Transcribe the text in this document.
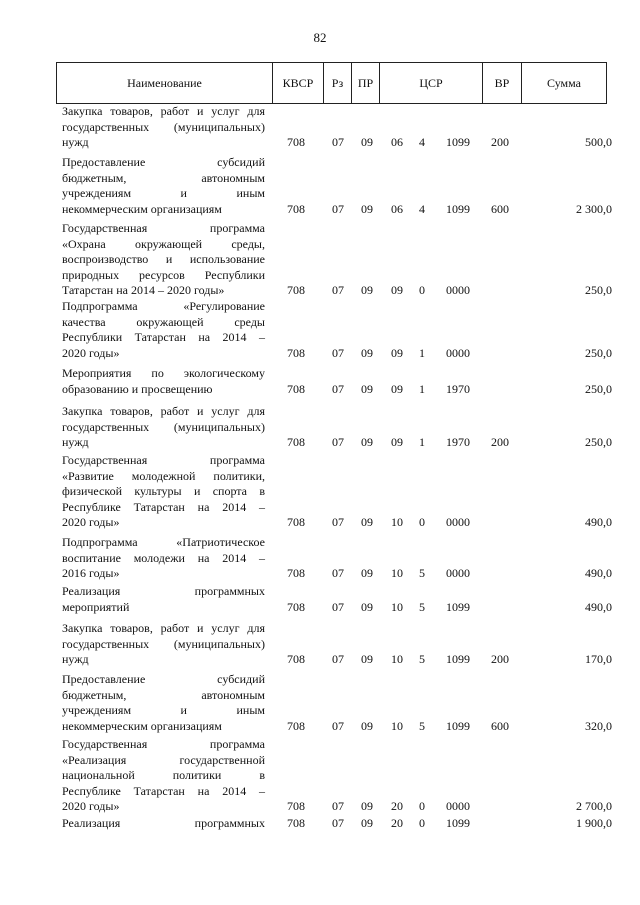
82
Наименование	КВСР	Рз	ПР	ЦСР	ВР	Сумма
Закупка товаров, работ и услуг для
государственных (муниципальных)
нужд	708	07	09	06	4	1099	200	500,0
Предоставление субсидий
бюджетным, автономным
учреждениям и иным
некоммерческим организациям	708	07	09	06	4	1099	600	2 300,0
Государственная программа
«Охрана окружающей среды,
воспроизводство и использование
природных ресурсов Республики
Татарстан на 2014 – 2020 годы»	708	07	09	09	0	0000	250,0
Подпрограмма «Регулирование
качества окружающей среды
Республики Татарстан на 2014 –
2020 годы»	708	07	09	09	1	0000	250,0
Мероприятия по экологическому
образованию и просвещению	708	07	09	09	1	1970	250,0
Закупка товаров, работ и услуг для
государственных (муниципальных)
нужд	708	07	09	09	1	1970	200	250,0
Государственная программа
«Развитие молодежной политики,
физической культуры и спорта в
Республике Татарстан на 2014 –
2020 годы»	708	07	09	10	0	0000	490,0
Подпрограмма «Патриотическое
воспитание молодежи на 2014 –
2016 годы»	708	07	09	10	5	0000	490,0
Реализация программных
мероприятий	708	07	09	10	5	1099	490,0
Закупка товаров, работ и услуг для
государственных (муниципальных)
нужд	708	07	09	10	5	1099	200	170,0
Предоставление субсидий
бюджетным, автономным
учреждениям и иным
некоммерческим организациям	708	07	09	10	5	1099	600	320,0
Государственная программа
«Реализация государственной
национальной политики в
Республике Татарстан на 2014 –
2020 годы»	708	07	09	20	0	0000	2 700,0
Реализация программных	708	07	09	20	0	1099	1 900,0
